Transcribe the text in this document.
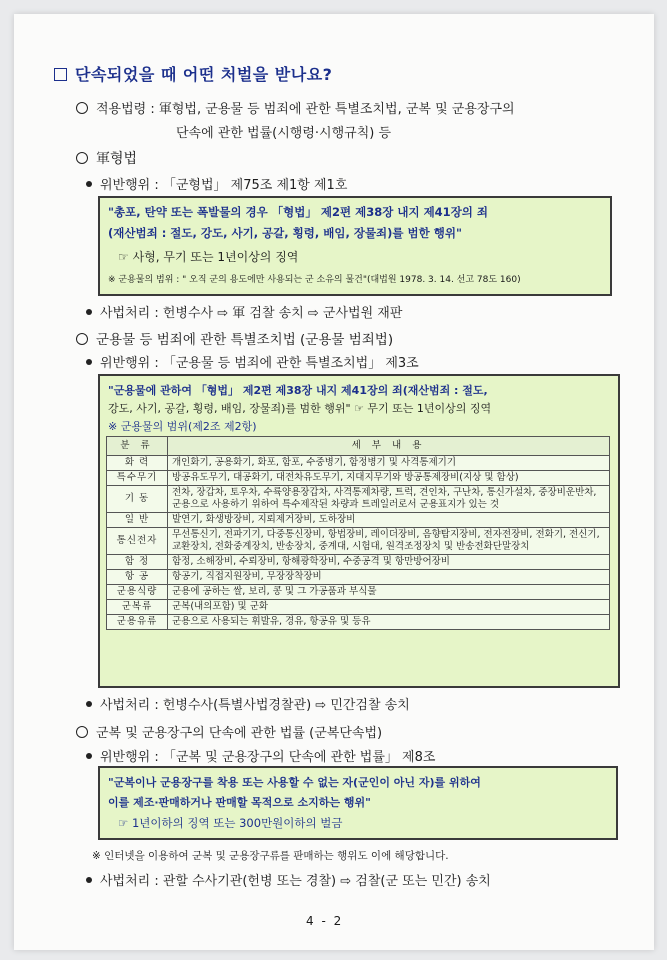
단속되었을 때 어떤 처벌을 받나요?
적용법령 : 軍형법, 군용물 등 범죄에 관한 특별조치법, 군복 및 군용장구의
단속에 관한 법률(시행령·시행규칙) 등
軍형법
위반행위 : 「군형법」 제75조 제1항 제1호
"총포, 탄약 또는 폭발물의 경우 「형법」 제2편 제38장 내지 제41장의 죄
(재산범죄 : 절도, 강도, 사기, 공갈, 횡령, 배임, 장물죄)를 범한 행위"
☞ 사형, 무기 또는 1년이상의 징역
※ 군용물의 범위 : " 오직 군의 용도에만 사용되는 군 소유의 물건"(대법원 1978. 3. 14. 선고 78도 160)
사법처리 : 헌병수사 ⇨ 軍 검찰 송치 ⇨ 군사법원 재판
군용물 등 범죄에 관한 특별조치법 (군용물 범죄법)
위반행위 : 「군용물 등 범죄에 관한 특별조치법」 제3조
"군용물에 관하여 「형법」 제2편 제38장 내지 제41장의 죄(재산범죄 : 절도,
강도, 사기, 공갈, 횡령, 배임, 장물죄)를 범한 행위" ☞ 무기 또는 1년이상의 징역
※ 군용물의 범위(제2조 제2항)
분 류	세 부 내 용
화 력	개인화기, 공용화기, 화포, 함포, 수중병기, 함정병기 및 사격통제기기
특수무기	방공유도무기, 대공화기, 대전차유도무기, 지대지무기와 방공통제장비(지상 및 함상)
기 동	전차, 장갑차, 토우차, 수륙양용장갑차, 사격통제차량, 트럭, 견인차, 구난차, 통신가설차, 중장비운반차, 군용으로 사용하기 위하여 특수제작된 차량과 트레일러로서 군용표지가 있는 것
일 반	발연기, 화생방장비, 지뢰제거장비, 도하장비
통신전자	무선통신기, 전파기기, 다중통신장비, 항법장비, 레이더장비, 음향탐지장비, 전자전장비, 전화기, 전신기, 교환장치, 전화중계장치, 반송장치, 중계대, 시험대, 원격조정장치 및 반송전화단말장치
함 정	함정, 소해장비, 수뢰장비, 항해광학장비, 수중공격 및 항만방어장비
항 공	항공기, 직접지원장비, 무장장착장비
군용식량	군용에 공하는 쌀, 보리, 콩 및 그 가공품과 부식물
군복류	군복(내의포함) 및 군화
군용유류	군용으로 사용되는 휘발유, 경유, 항공유 및 등유
사법처리 : 헌병수사(특별사법경찰관) ⇨ 민간검찰 송치
군복 및 군용장구의 단속에 관한 법률 (군복단속법)
위반행위 : 「군복 및 군용장구의 단속에 관한 법률」 제8조
"군복이나 군용장구를 착용 또는 사용할 수 없는 자(군인이 아닌 자)를 위하여
이를 제조·판매하거나 판매할 목적으로 소지하는 행위"
☞ 1년이하의 징역 또는 300만원이하의 벌금
※ 인터넷을 이용하여 군복 및 군용장구류를 판매하는 행위도 이에 해당합니다.
사법처리 : 관할 수사기관(헌병 또는 경찰) ⇨ 검찰(군 또는 민간) 송치
4 - 2
